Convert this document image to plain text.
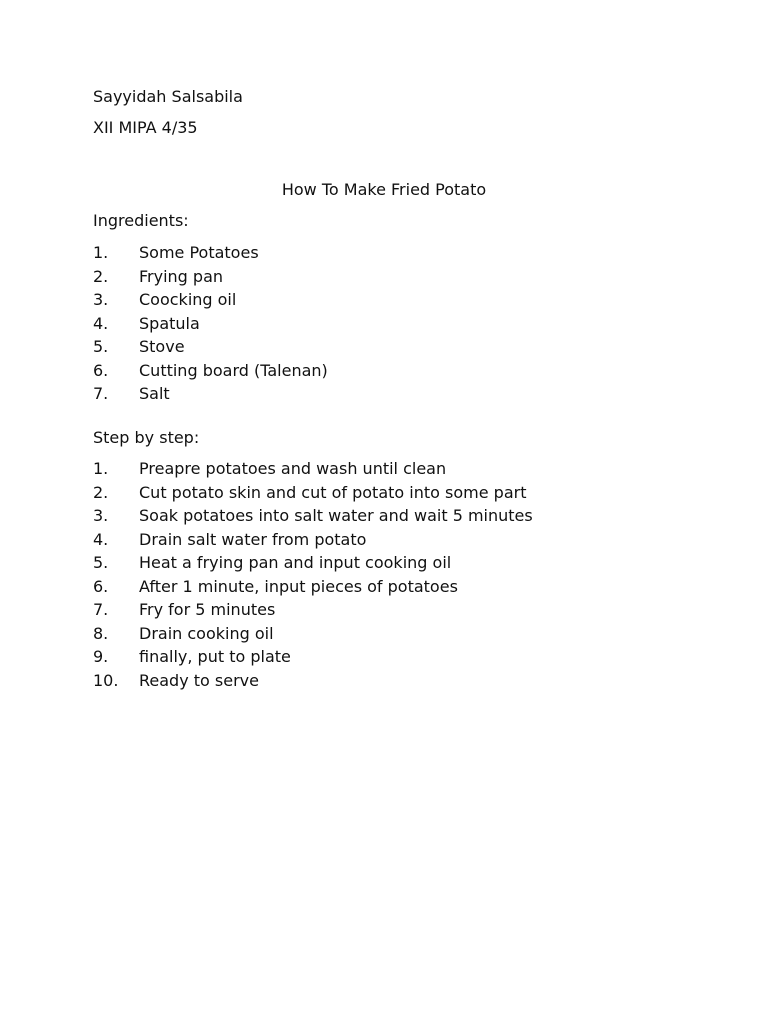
Sayyidah Salsabila
XII MIPA 4/35
How To Make Fried Potato
Ingredients:
1. Some Potatoes
2. Frying pan
3. Coocking oil
4. Spatula
5. Stove
6. Cutting board (Talenan)
7. Salt
Step by step:
1. Preapre potatoes and wash until clean
2. Cut potato skin and cut of potato into some part
3. Soak potatoes into salt water and wait 5 minutes
4. Drain salt water from potato
5. Heat a frying pan and input cooking oil
6. After 1 minute, input pieces of potatoes
7. Fry for 5 minutes
8. Drain cooking oil
9. finally, put to plate
10. Ready to serve
